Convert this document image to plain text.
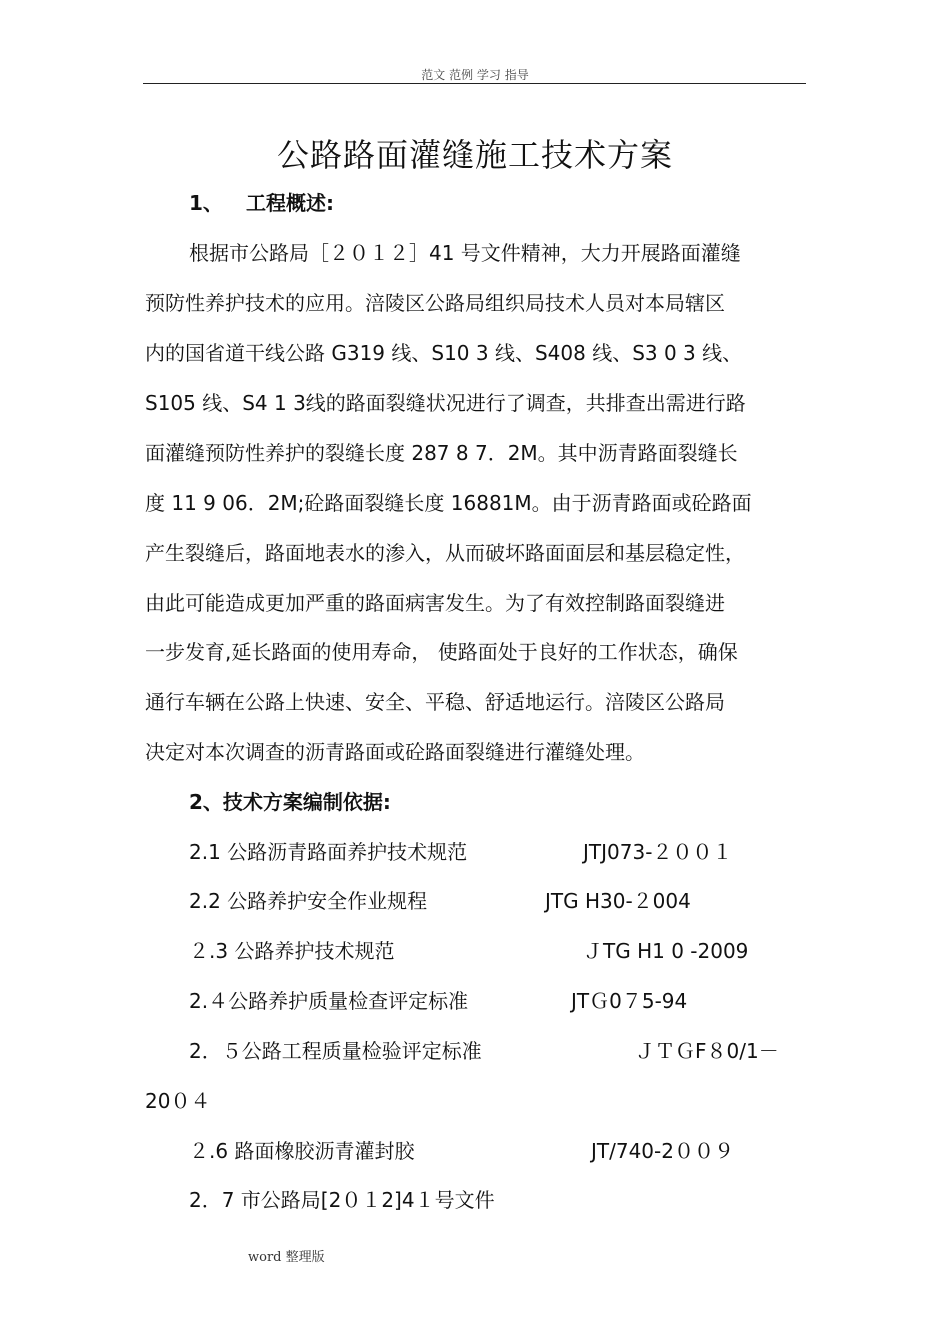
范文 范例 学习 指导
公路路面灌缝施工技术方案
1、 工程概述:
根据市公路局［２０１２］41 号文件精神，大力开展路面灌缝
预防性养护技术的应用。涪陵区公路局组织局技术人员对本局辖区
内的国省道干线公路 G319 线、S10 3 线、S408 线、S3 0 3 线、
S105 线、S4 1 3线的路面裂缝状况进行了调查，共排查出需进行路
面灌缝预防性养护的裂缝长度 287 8 7．2M。其中沥青路面裂缝长
度 11 9 06．2M;砼路面裂缝长度 16881M。由于沥青路面或砼路面
产生裂缝后，路面地表水的渗入，从而破坏路面面层和基层稳定性，
由此可能造成更加严重的路面病害发生。为了有效控制路面裂缝进
一步发育,延长路面的使用寿命， 使路面处于良好的工作状态，确保
通行车辆在公路上快速、安全、平稳、舒适地运行。涪陵区公路局
决定对本次调查的沥青路面或砼路面裂缝进行灌缝处理。
2、技术方案编制依据:
2.1 公路沥青路面养护技术规范	JTJ073-２００１
2.2 公路养护安全作业规程	JTG H30-２004
２.3 公路养护技术规范	ＪTG H1 0 -2009
2.４公路养护质量检查评定标准	JTＧ0７5-94
2．５公路工程质量检验评定标准	ＪＴＧF８0/1－
20０４
２.6 路面橡胶沥青灌封胶	JT/740-2００９
2．7 市公路局[2０１2]4１号文件
word 整理版
